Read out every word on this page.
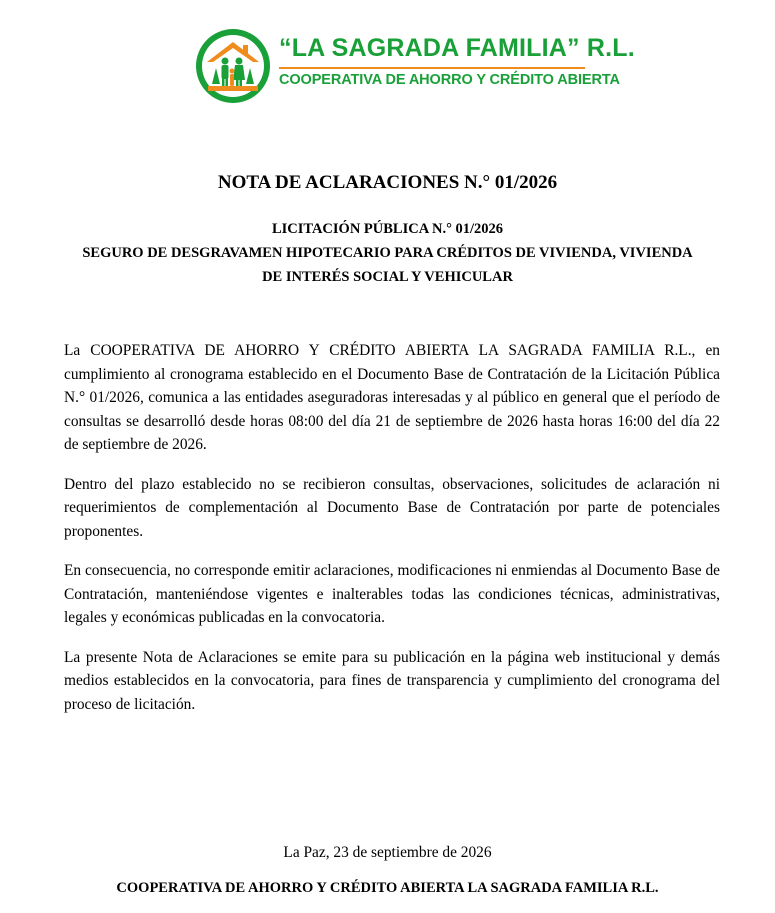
“LA SAGRADA FAMILIA” R.L.
COOPERATIVA DE AHORRO Y CRÉDITO ABIERTA
NOTA DE ACLARACIONES N.° 01/2026
LICITACIÓN PÚBLICA N.° 01/2026
SEGURO DE DESGRAVAMEN HIPOTECARIO PARA CRÉDITOS DE VIVIENDA, VIVIENDA
DE INTERÉS SOCIAL Y VEHICULAR

La COOPERATIVA DE AHORRO Y CRÉDITO ABIERTA LA SAGRADA FAMILIA R.L., en cumplimiento al cronograma establecido en el Documento Base de Contratación de la Licitación Pública N.° 01/2026, comunica a las entidades aseguradoras interesadas y al público en general que el período de consultas se desarrolló desde horas 08:00 del día 21 de septiembre de 2026 hasta horas 16:00 del día 22 de septiembre de 2026.

Dentro del plazo establecido no se recibieron consultas, observaciones, solicitudes de aclaración ni requerimientos de complementación al Documento Base de Contratación por parte de potenciales proponentes.

En consecuencia, no corresponde emitir aclaraciones, modificaciones ni enmiendas al Documento Base de Contratación, manteniéndose vigentes e inalterables todas las condiciones técnicas, administrativas, legales y económicas publicadas en la convocatoria.

La presente Nota de Aclaraciones se emite para su publicación en la página web institucional y demás medios establecidos en la convocatoria, para fines de transparencia y cumplimiento del cronograma del proceso de licitación.

La Paz, 23 de septiembre de 2026
COOPERATIVA DE AHORRO Y CRÉDITO ABIERTA LA SAGRADA FAMILIA R.L.
